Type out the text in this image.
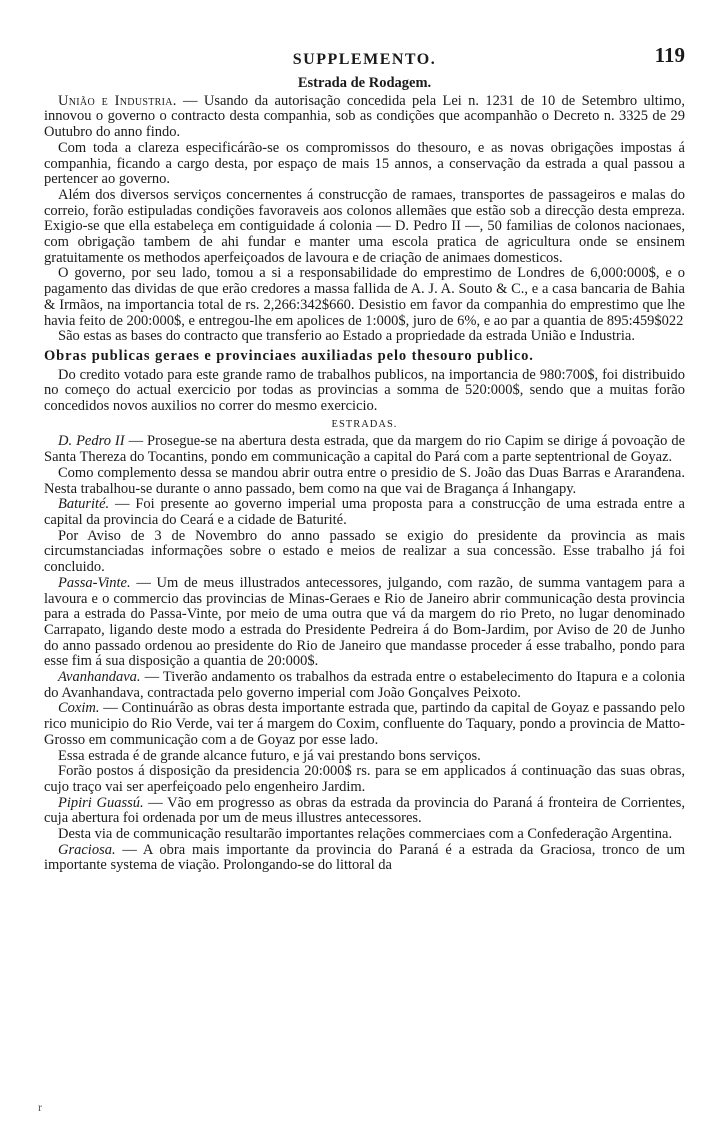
SUPPLEMENTO.	119
Estrada de Rodagem.

União e Industria. — Usando da autorisação concedida pela Lei n. 1231 de 10 de Setembro ultimo, innovou o governo o contracto desta companhia, sob as condições que acompanhão o Decreto n. 3325 de 29 Outubro do anno findo.

Com toda a clareza especificárão-se os compromissos do thesouro, e as novas obrigações impostas á companhia, ficando a cargo desta, por espaço de mais 15 annos, a conservação da estrada a qual passou a pertencer ao governo.

Além dos diversos serviços concernentes á construcção de ramaes, transportes de passageiros e malas do correio, forão estipuladas condições favoraveis aos colonos allemães que estão sob a direcção desta empreza. Exigio-se que ella estabeleça em contiguidade á colonia — D. Pedro II —, 50 familias de colonos nacionaes, com obrigação tambem de ahi fundar e manter uma escola pratica de agricultura onde se ensinem gratuitamente os methodos aperfeiçoados de lavoura e de criação de animaes domesticos.

O governo, por seu lado, tomou a si a responsabilidade do emprestimo de Londres de 6,000:000$, e o pagamento das dividas de que erão credores a massa fallida de A. J. A. Souto & C., e a casa bancaria de Bahia & Irmãos, na importancia total de rs. 2,266:342$660. Desistio em favor da companhia do emprestimo que lhe havia feito de 200:000$, e entregou-lhe em apolices de 1:000$, juro de 6%, e ao par a quantia de 895:459$022

São estas as bases do contracto que transferio ao Estado a propriedade da estrada União e Industria.

Obras publicas geraes e provinciaes auxiliadas pelo thesouro publico.

Do credito votado para este grande ramo de trabalhos publicos, na importancia de 980:700$, foi distribuido no começo do actual exercicio por todas as provincias a somma de 520:000$, sendo que a muitas forão concedidos novos auxilios no correr do mesmo exercicio.

ESTRADAS.

D. Pedro II — Prosegue-se na abertura desta estrada, que da margem do rio Capim se dirige á povoação de Santa Thereza do Tocantins, pondo em communicação a capital do Pará com a parte septentrional de Goyaz.

Como complemento dessa se mandou abrir outra entre o presidio de S. João das Duas Barras e Araranđena. Nesta trabalhou-se durante o anno passado, bem como na que vai de Bragança á Inhangapy.

Baturité. — Foi presente ao governo imperial uma proposta para a construcção de uma estrada entre a capital da provincia do Ceará e a cidade de Baturité.

Por Aviso de 3 de Novembro do anno passado se exigio do presidente da provincia as mais circumstanciadas informações sobre o estado e meios de realizar a sua concessão. Esse trabalho já foi concluido.

Passa-Vinte. — Um de meus illustrados antecessores, julgando, com razão, de summa vantagem para a lavoura e o commercio das provincias de Minas-Geraes e Rio de Janeiro abrir communicação desta provincia para a estrada do Passa-Vinte, por meio de uma outra que vá da margem do rio Preto, no lugar denominado Carrapato, ligando deste modo a estrada do Presidente Pedreira á do Bom-Jardim, por Aviso de 20 de Junho do anno passado ordenou ao presidente do Rio de Janeiro que mandasse proceder á esse trabalho, pondo para esse fim á sua disposição a quantia de 20:000$.

Avanhandava. — Tiverão andamento os trabalhos da estrada entre o estabelecimento do Itapura e a colonia do Avanhandava, contractada pelo governo imperial com João Gonçalves Peixoto.

Coxim. — Continuárão as obras desta importante estrada que, partindo da capital de Goyaz e passando pelo rico municipio do Rio Verde, vai ter á margem do Coxim, confluente do Taquary, pondo a provincia de Matto-Grosso em communicação com a de Goyaz por esse lado.

Essa estrada é de grande alcance futuro, e já vai prestando bons serviços.

Forão postos á disposição da presidencia 20:000$ rs. para se em applicados á continuação das suas obras, cujo traço vai ser aperfeiçoado pelo engenheiro Jardim.

Pipiri Guassú. — Vão em progresso as obras da estrada da provincia do Paraná á fronteira de Corrientes, cuja abertura foi ordenada por um de meus illustres antecessores.

Desta via de communicação resultarão importantes relações commerciaes com a Confederação Argentina.

Graciosa. — A obra mais importante da provincia do Paraná é a estrada da Graciosa, tronco de um importante systema de viação. Prolongando-se do littoral da

r
